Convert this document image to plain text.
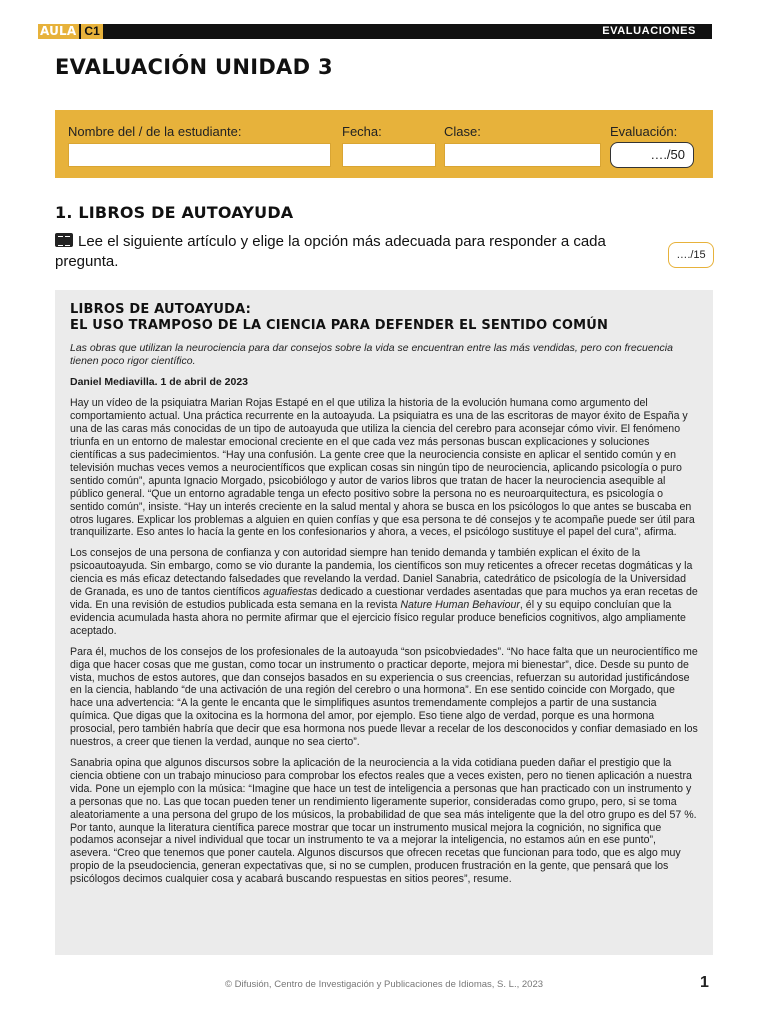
AULA C1	EVALUACIONES
EVALUACIÓN UNIDAD 3
Nombre del / de la estudiante:	Fecha:	Clase:	Evaluación:
…./50
1. LIBROS DE AUTOAYUDA

Lee el siguiente artículo y elige la opción más adecuada para responder a cada pregunta.	…./15
LIBROS DE AUTOAYUDA:
EL USO TRAMPOSO DE LA CIENCIA PARA DEFENDER EL SENTIDO COMÚN

Las obras que utilizan la neurociencia para dar consejos sobre la vida se encuentran entre las más vendidas, pero con frecuencia tienen poco rigor científico.

Daniel Mediavilla. 1 de abril de 2023

Hay un vídeo de la psiquiatra Marian Rojas Estapé en el que utiliza la historia de la evolución humana como argumento del comportamiento actual. Una práctica recurrente en la autoayuda. La psiquiatra es una de las escritoras de mayor éxito de España y una de las caras más conocidas de un tipo de autoayuda que utiliza la ciencia del cerebro para aconsejar cómo vivir. El fenómeno triunfa en un entorno de malestar emocional creciente en el que cada vez más personas buscan explicaciones y soluciones científicas a sus padecimientos. “Hay una confusión. La gente cree que la neurociencia consiste en aplicar el sentido común y en televisión muchas veces vemos a neurocientíficos que explican cosas sin ningún tipo de neurociencia, aplicando psicología o puro sentido común”, apunta Ignacio Morgado, psicobiólogo y autor de varios libros que tratan de hacer la neurociencia asequible al público general. “Que un entorno agradable tenga un efecto positivo sobre la persona no es neuroarquitectura, es psicología o sentido común”, insiste. “Hay un interés creciente en la salud mental y ahora se busca en los psicólogos lo que antes se buscaba en otros lugares. Explicar los problemas a alguien en quien confías y que esa persona te dé consejos y te acompañe puede ser útil para tranquilizarte. Eso antes lo hacía la gente en los confesionarios y ahora, a veces, el psicólogo sustituye el papel del cura”, afirma.

Los consejos de una persona de confianza y con autoridad siempre han tenido demanda y también explican el éxito de la psicoautoayuda. Sin embargo, como se vio durante la pandemia, los científicos son muy reticentes a ofrecer recetas dogmáticas y la ciencia es más eficaz detectando falsedades que revelando la verdad. Daniel Sanabria, catedrático de psicología de la Universidad de Granada, es uno de tantos científicos aguafiestas dedicado a cuestionar verdades asentadas que para muchos ya eran recetas de vida. En una revisión de estudios publicada esta semana en la revista Nature Human Behaviour, él y su equipo concluían que la evidencia acumulada hasta ahora no permite afirmar que el ejercicio físico regular produce beneficios cognitivos, algo ampliamente aceptado.

Para él, muchos de los consejos de los profesionales de la autoayuda “son psicobviedades”. “No hace falta que un neurocientífico me diga que hacer cosas que me gustan, como tocar un instrumento o practicar deporte, mejora mi bienestar”, dice. Desde su punto de vista, muchos de estos autores, que dan consejos basados en su experiencia o sus creencias, refuerzan su autoridad justificándose en la ciencia, hablando “de una activación de una región del cerebro o una hormona”. En ese sentido coincide con Morgado, que hace una advertencia: “A la gente le encanta que le simplifiques asuntos tremendamente complejos a partir de una sustancia química. Que digas que la oxitocina es la hormona del amor, por ejemplo. Eso tiene algo de verdad, porque es una hormona prosocial, pero también habría que decir que esa hormona nos puede llevar a recelar de los desconocidos y confiar demasiado en los nuestros, a creer que tienen la verdad, aunque no sea cierto”.

Sanabria opina que algunos discursos sobre la aplicación de la neurociencia a la vida cotidiana pueden dañar el prestigio que la ciencia obtiene con un trabajo minucioso para comprobar los efectos reales que a veces existen, pero no tienen aplicación a nuestra vida. Pone un ejemplo con la música: “Imagine que hace un test de inteligencia a personas que han practicado con un instrumento y a personas que no. Las que tocan pueden tener un rendimiento ligeramente superior, consideradas como grupo, pero, si se toma aleatoriamente a una persona del grupo de los músicos, la probabilidad de que sea más inteligente que la del otro grupo es del 57 %. Por tanto, aunque la literatura científica parece mostrar que tocar un instrumento musical mejora la cognición, no significa que podamos aconsejar a nivel individual que tocar un instrumento te va a mejorar la inteligencia, no estamos aún en ese punto”, asevera. “Creo que tenemos que poner cautela. Algunos discursos que ofrecen recetas que funcionan para todo, que es algo muy propio de la pseudociencia, generan expectativas que, si no se cumplen, producen frustración en la gente, que pensará que los psicólogos decimos cualquier cosa y acabará buscando respuestas en sitios peores”, resume.

© Difusión, Centro de Investigación y Publicaciones de Idiomas, S. L., 2023	1
